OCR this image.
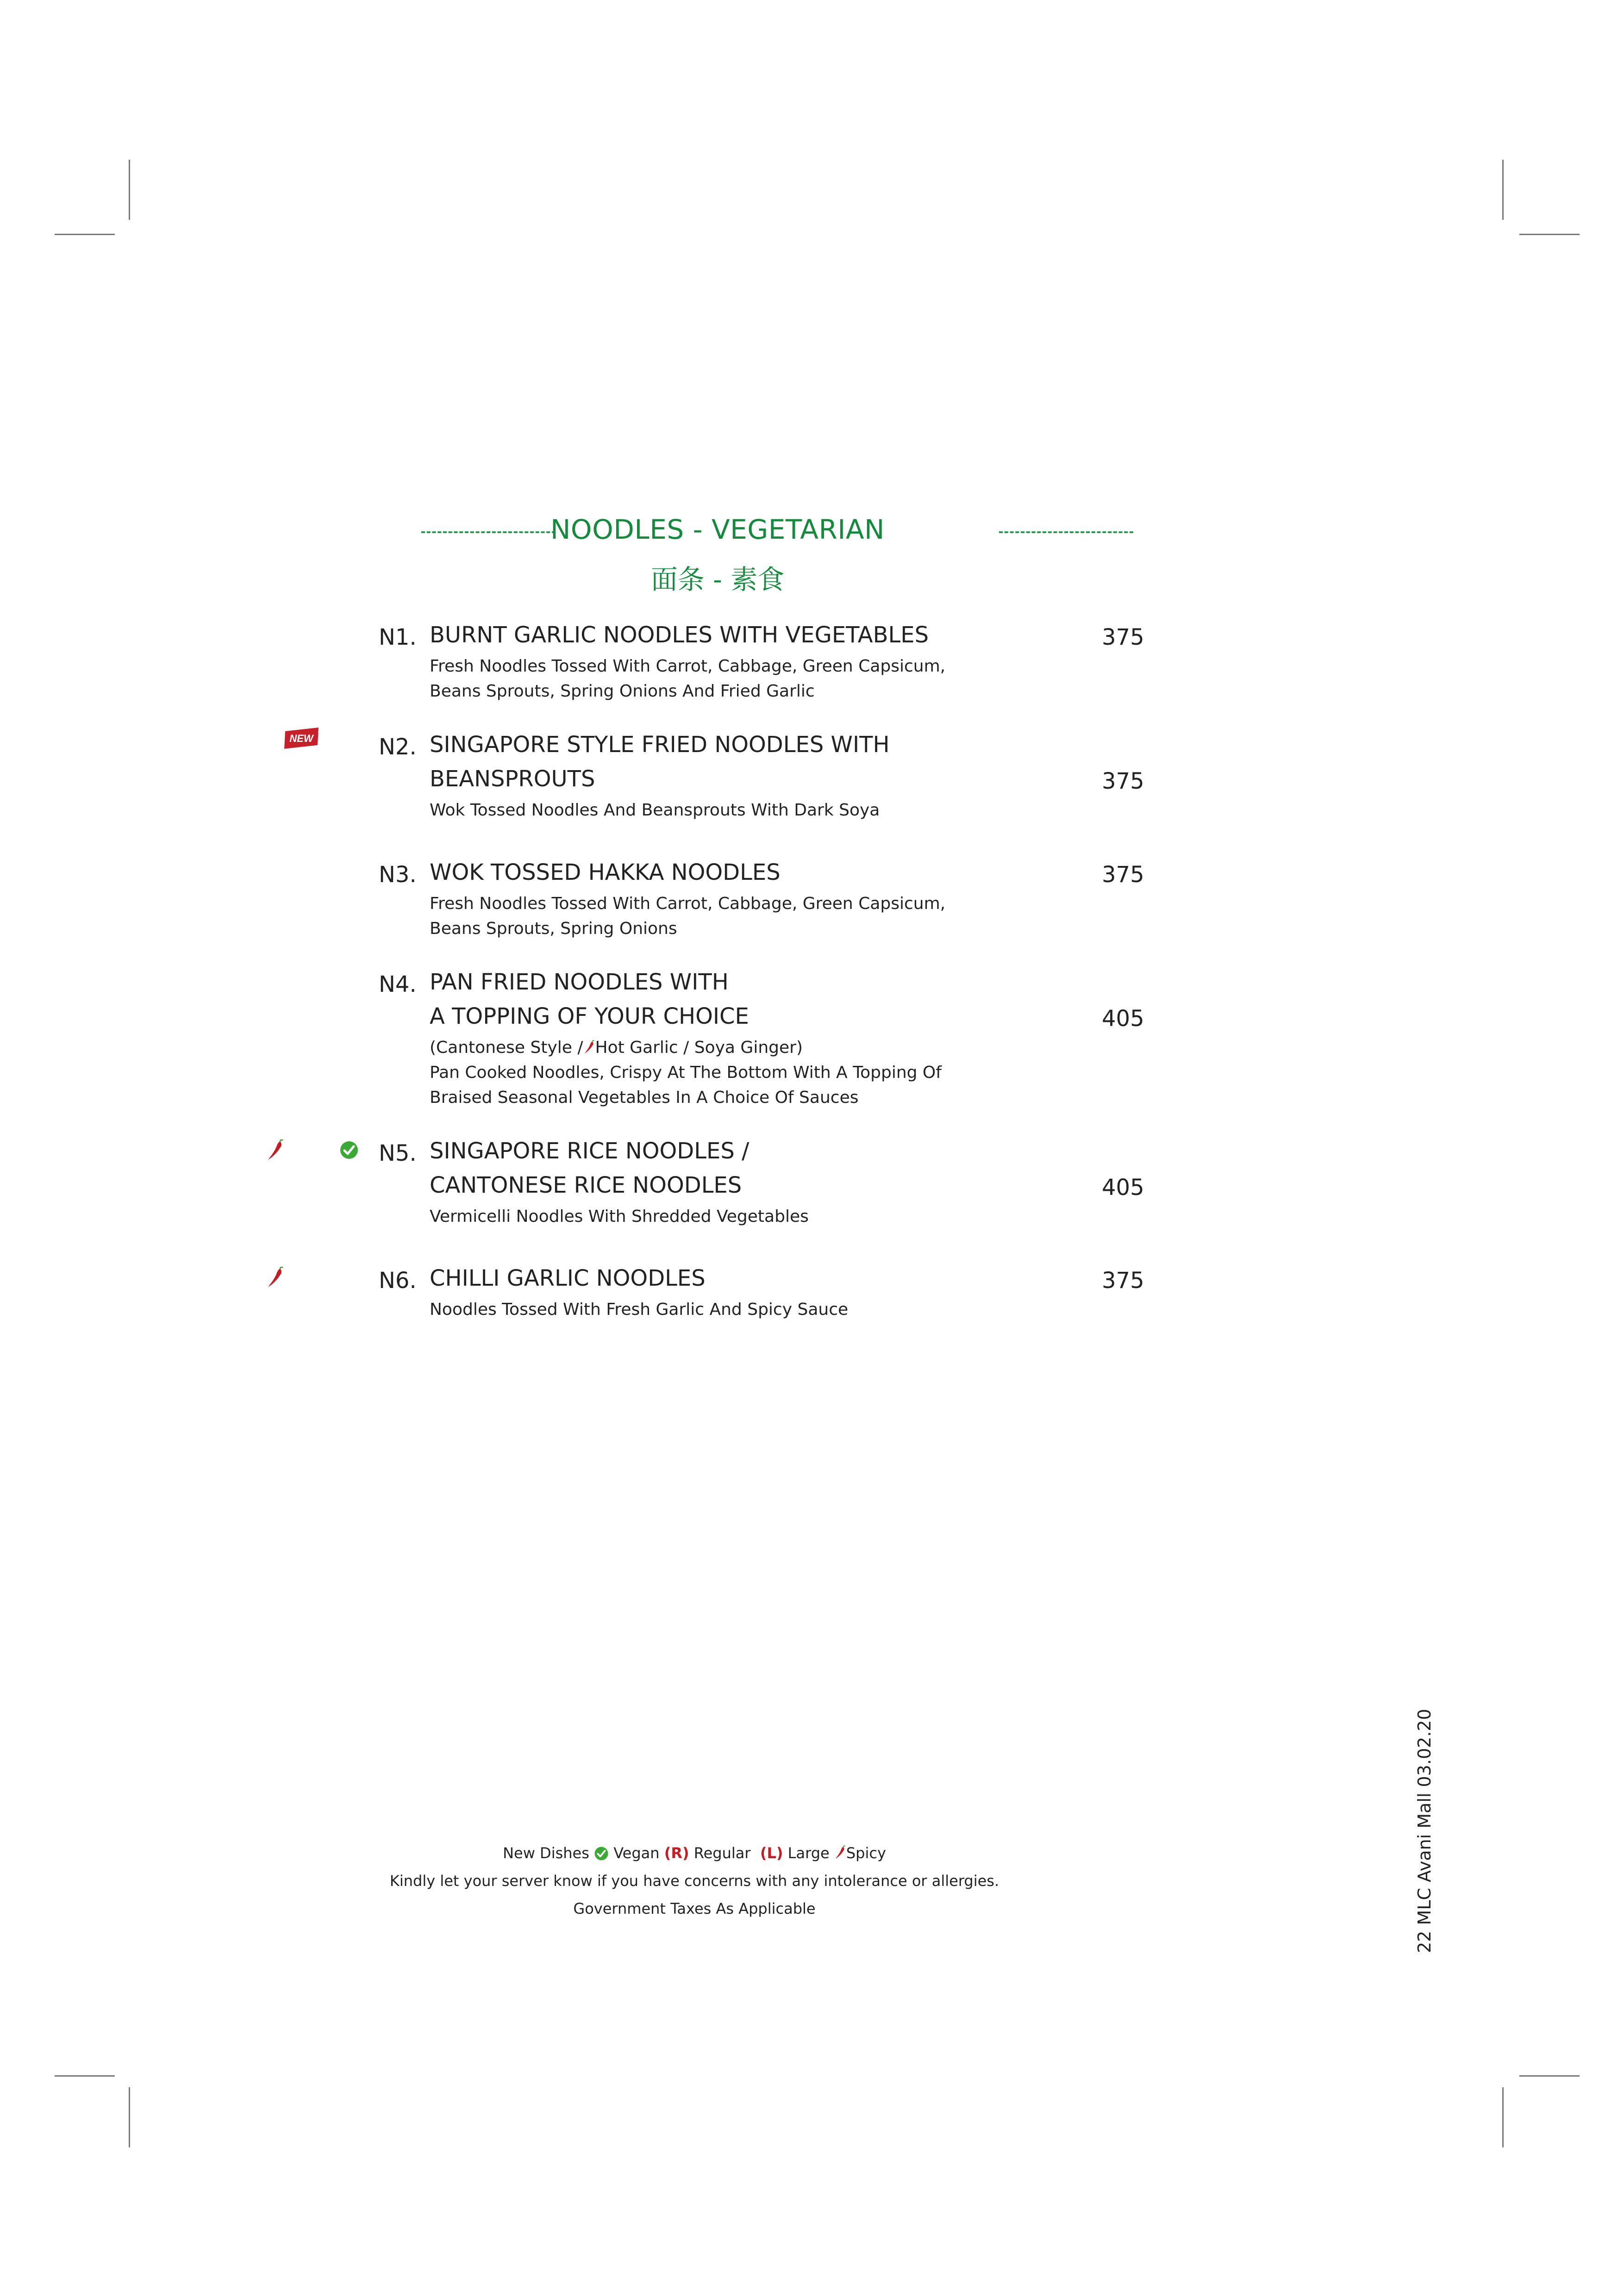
NOODLES - VEGETARIAN
面条 - 素食
N1. BURNT GARLIC NOODLES WITH VEGETABLES	375
Fresh Noodles Tossed With Carrot, Cabbage, Green Capsicum,
Beans Sprouts, Spring Onions And Fried Garlic
NEW	N2. SINGAPORE STYLE FRIED NOODLES WITH
BEANSPROUTS	375
Wok Tossed Noodles And Beansprouts With Dark Soya
N3. WOK TOSSED HAKKA NOODLES	375
Fresh Noodles Tossed With Carrot, Cabbage, Green Capsicum,
Beans Sprouts, Spring Onions
N4. PAN FRIED NOODLES WITH
A TOPPING OF YOUR CHOICE	405
(Cantonese Style / Hot Garlic / Soya Ginger)
Pan Cooked Noodles, Crispy At The Bottom With A Topping Of
Braised Seasonal Vegetables In A Choice Of Sauces
N5. SINGAPORE RICE NOODLES /
CANTONESE RICE NOODLES	405
Vermicelli Noodles With Shredded Vegetables
N6. CHILLI GARLIC NOODLES	375
Noodles Tossed With Fresh Garlic And Spicy Sauce
New Dishes Vegan (R) Regular (L) Large Spicy
Kindly let your server know if you have concerns with any intolerance or allergies.
Government Taxes As Applicable	22 MLC Avani Mall 03.02.20
